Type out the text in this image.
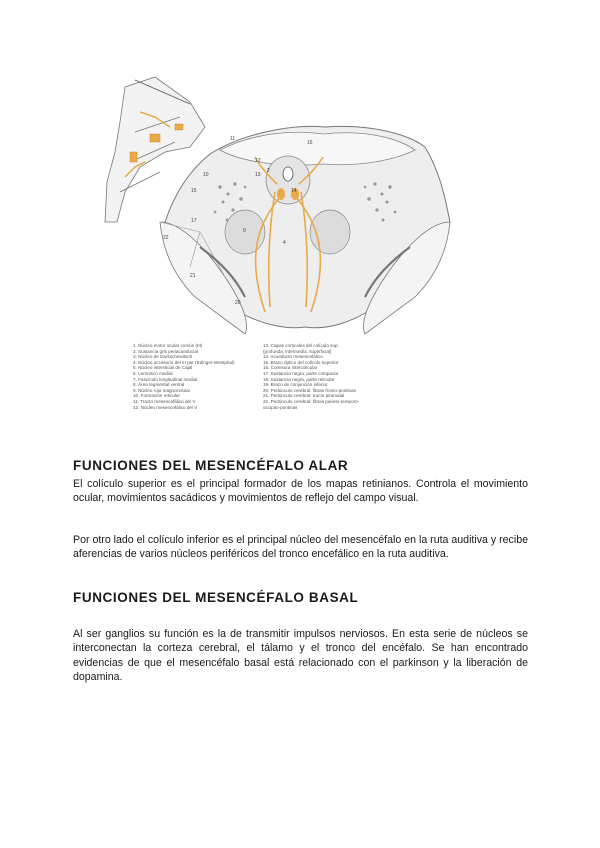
11
16
10
12
13
2
14
15
17
9
4
22
21
20
1. Núcleo motor ocular común (III)
2. Sustancia gris periacueductal
3. Núcleo de Darkschewitsch
4. Núcleo accesorio del III par (Edinger-Westphal)
5. Núcleo intersticial de Cajal
6. Lemnisco medial
7. Fascículo longitudinal medial
8. Área tegmental ventral
9. Núcleo rojo magnocelular
10. Formación reticular
11. Tracto mesencefálico del V
12. Núcleo mesencefálico del V
13. Capas corticales del colículo sup.
(profunda, intermedia, superficial)
14. Acueducto mesencefálico
15. Brazo óptico del colículo superior
16. Comisura intercolicular
17. Sustancia negra, parte compacta
18. Sustancia negra, parte reticular
19. Brazo de conjunción inferior
20. Pedúnculo cerebral: fibras fronto-pontinas
21. Pedúnculo cerebral: tracto piramidal
22. Pedúnculo cerebral: fibras parieto-temporo-
occipito-pontinas
FUNCIONES DEL MESENCÉFALO ALAR

El colículo superior es el principal formador de los mapas retinianos. Controla el movimiento ocular, movimientos sacádicos y movimientos de reflejo del campo visual.

Por otro lado el colículo inferior es el principal núcleo del mesencéfalo en la ruta auditiva y recibe aferencias de varios núcleos periféricos del tronco encefálico en la ruta auditiva.

FUNCIONES DEL MESENCÉFALO BASAL

Al ser ganglios su función es la de transmitir impulsos nerviosos. En esta serie de núcleos se interconectan la corteza cerebral, el tálamo y el tronco del encéfalo. Se han encontrado evidencias de que el mesencéfalo basal está relacionado con el parkinson y la liberación de dopamina.
